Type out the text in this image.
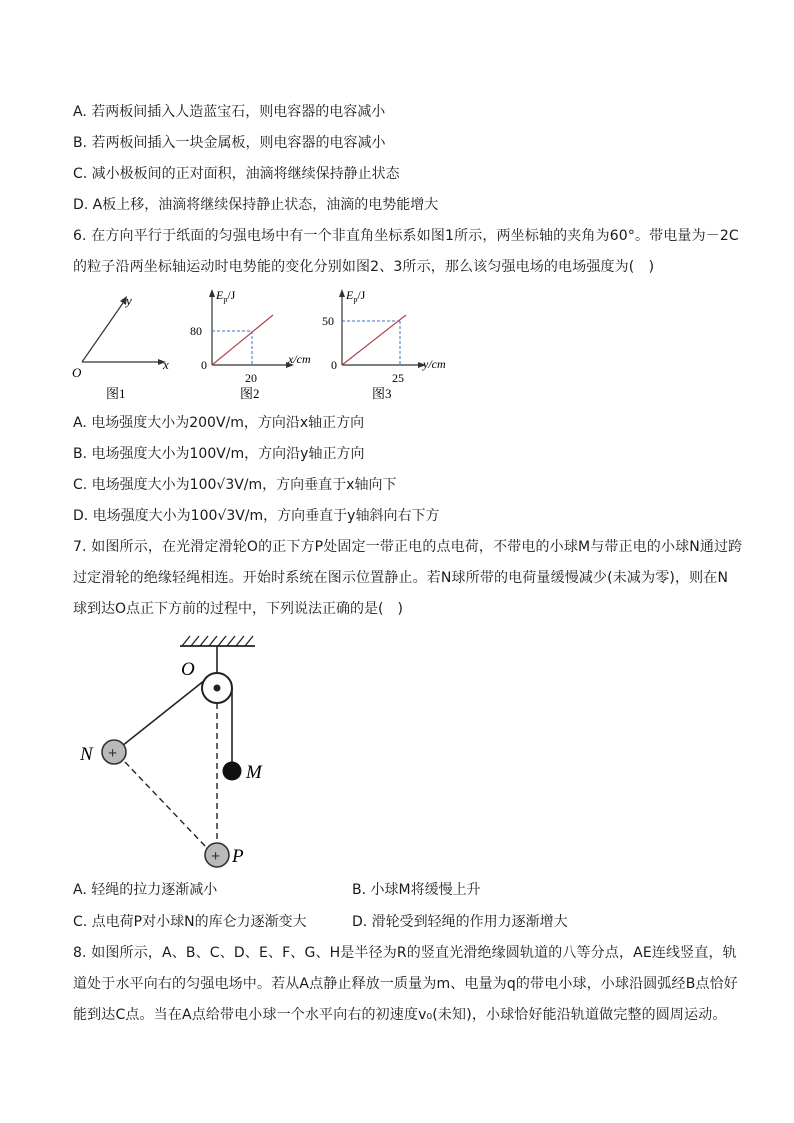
A. 若两板间插入人造蓝宝石，则电容器的电容减小
B. 若两板间插入一块金属板，则电容器的电容减小
C. 减小极板间的正对面积，油滴将继续保持静止状态
D. A板上移，油滴将继续保持静止状态，油滴的电势能增大
6. 在方向平行于纸面的匀强电场中有一个非直角坐标系如图1所示，两坐标轴的夹角为60°。带电量为－2C
的粒子沿两坐标轴运动时电势能的变化分别如图2、3所示，那么该匀强电场的电场强度为(　)
y
x
O
图1
$E_p/J$
80
0
20
x/cm
图2
$E_p/J$
50
0
25
y/cm
图3
A. 电场强度大小为200V/m，方向沿x轴正方向
B. 电场强度大小为100V/m，方向沿y轴正方向
C. 电场强度大小为100√3V/m，方向垂直于x轴向下
D. 电场强度大小为100√3V/m，方向垂直于y轴斜向右下方
7. 如图所示，在光滑定滑轮O的正下方P处固定一带正电的点电荷，不带电的小球M与带正电的小球N通过跨
过定滑轮的绝缘轻绳相连。开始时系统在图示位置静止。若N球所带的电荷量缓慢减少(未减为零)，则在N
球到达O点正下方前的过程中，下列说法正确的是(　)
O
+
N
M
+ P
A. 轻绳的拉力逐渐减小	B. 小球M将缓慢上升
C. 点电荷P对小球N的库仑力逐渐变大	D. 滑轮受到轻绳的作用力逐渐增大
8. 如图所示，A、B、C、D、E、F、G、H是半径为R的竖直光滑绝缘圆轨道的八等分点，AE连线竖直，轨
道处于水平向右的匀强电场中。若从A点静止释放一质量为m、电量为q的带电小球，小球沿圆弧经B点恰好
能到达C点。当在A点给带电小球一个水平向右的初速度v₀(未知)，小球恰好能沿轨道做完整的圆周运动。
